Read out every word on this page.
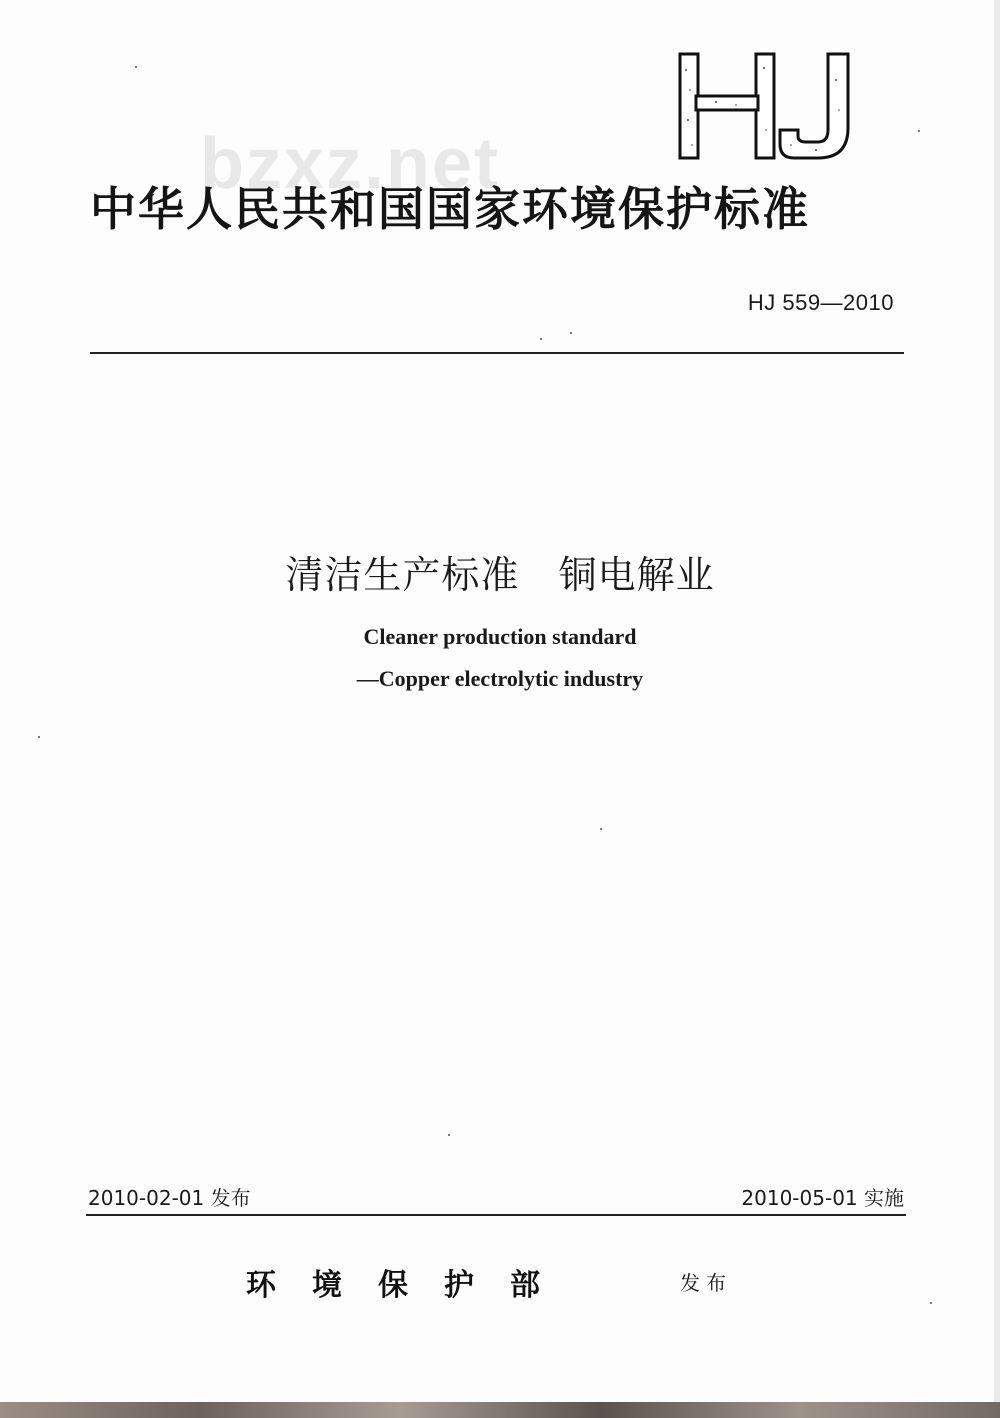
bzxz.net
中华人民共和国国家环境保护标准
HJ 559—2010
清洁生产标准   铜电解业
Cleaner production standard
—Copper electrolytic industry
2010-02-01 发布	2010-05-01 实施
环境保护部	发布
